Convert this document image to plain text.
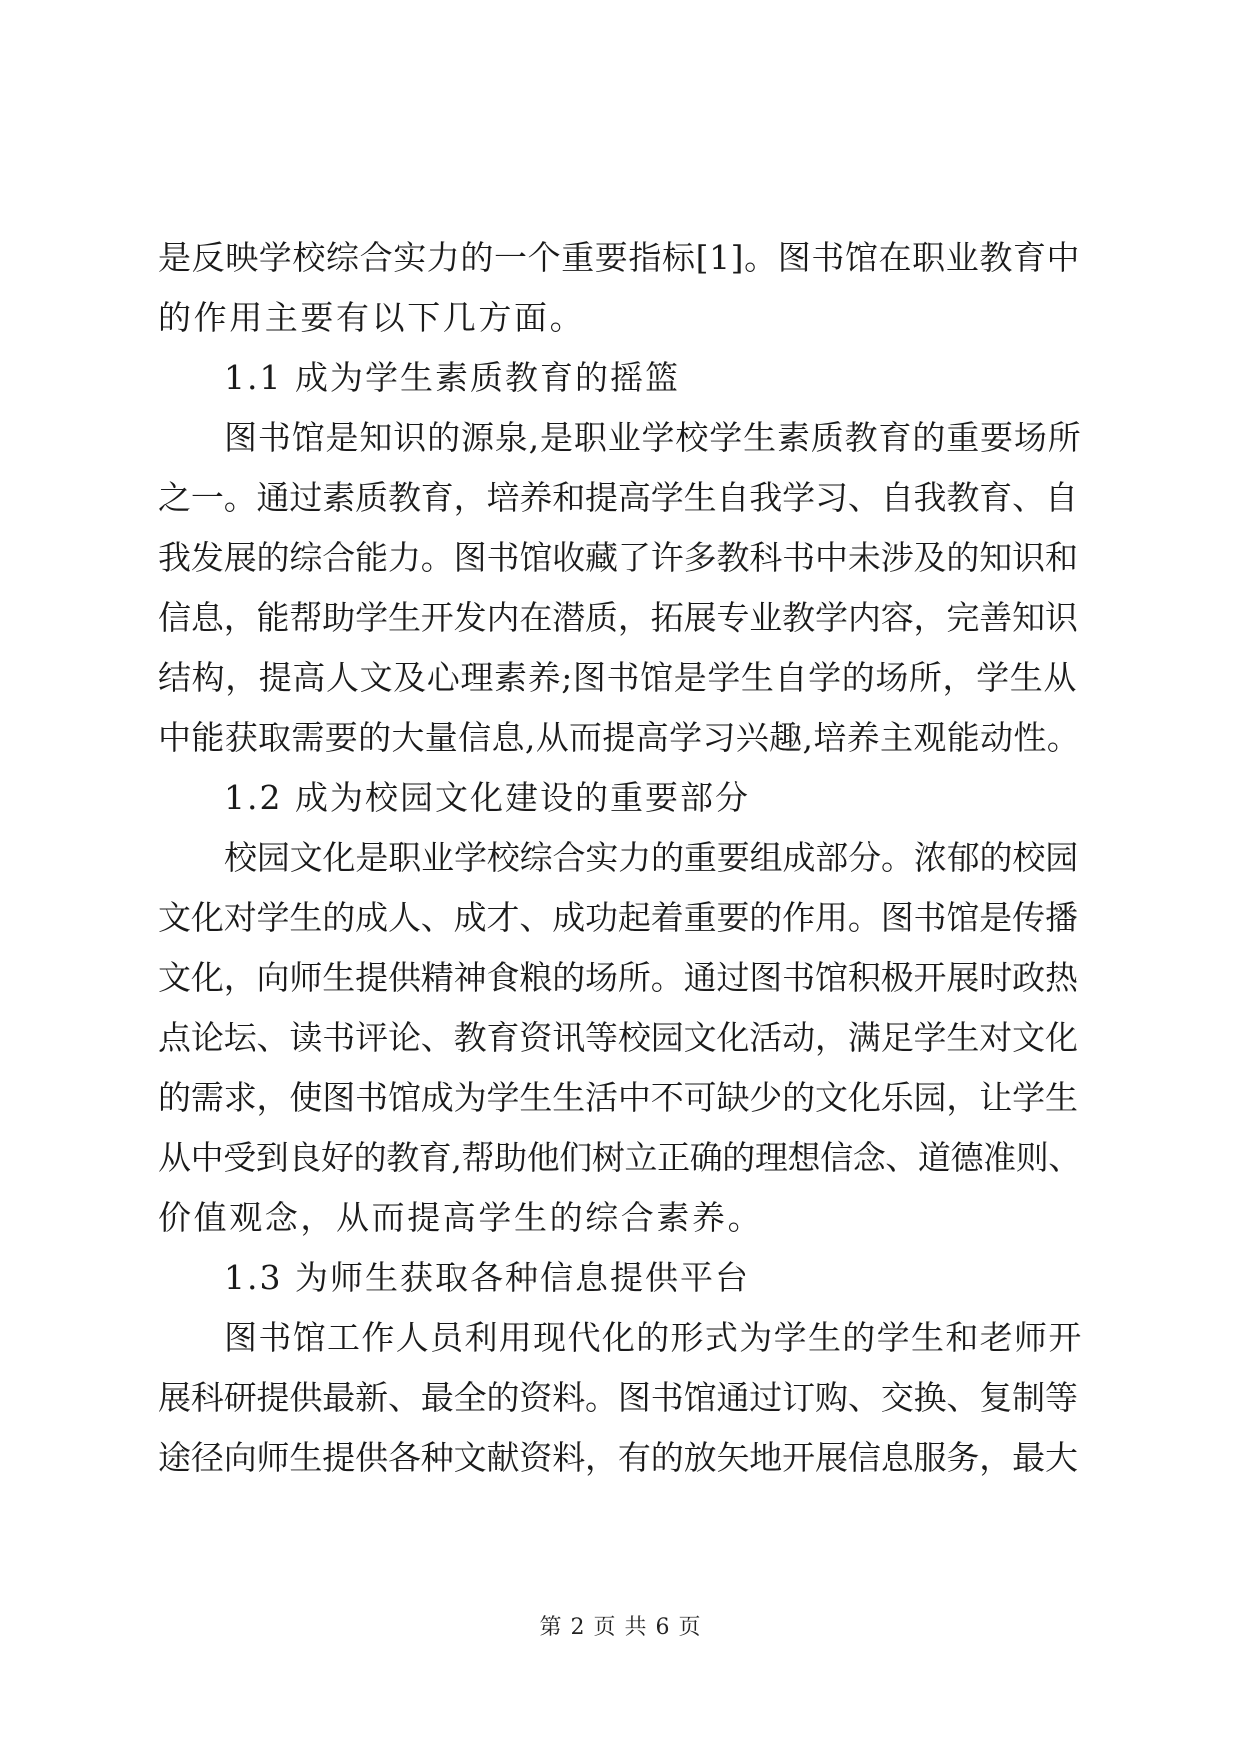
是反映学校综合实力的一个重要指标[1]。图书馆在职业教育中
的作用主要有以下几方面。
1.1 成为学生素质教育的摇篮
图书馆是知识的源泉,是职业学校学生素质教育的重要场所
之一。通过素质教育，培养和提高学生自我学习、自我教育、自
我发展的综合能力。图书馆收藏了许多教科书中未涉及的知识和
信息，能帮助学生开发内在潜质，拓展专业教学内容，完善知识
结构，提高人文及心理素养;图书馆是学生自学的场所，学生从
中能获取需要的大量信息,从而提高学习兴趣,培养主观能动性。
1.2 成为校园文化建设的重要部分
校园文化是职业学校综合实力的重要组成部分。浓郁的校园
文化对学生的成人、成才、成功起着重要的作用。图书馆是传播
文化，向师生提供精神食粮的场所。通过图书馆积极开展时政热
点论坛、读书评论、教育资讯等校园文化活动，满足学生对文化
的需求，使图书馆成为学生生活中不可缺少的文化乐园，让学生
从中受到良好的教育,帮助他们树立正确的理想信念、道德准则、
价值观念，从而提高学生的综合素养。
1.3 为师生获取各种信息提供平台
图书馆工作人员利用现代化的形式为学生的学生和老师开
展科研提供最新、最全的资料。图书馆通过订购、交换、复制等
途径向师生提供各种文献资料，有的放矢地开展信息服务，最大
第 2 页 共 6 页
